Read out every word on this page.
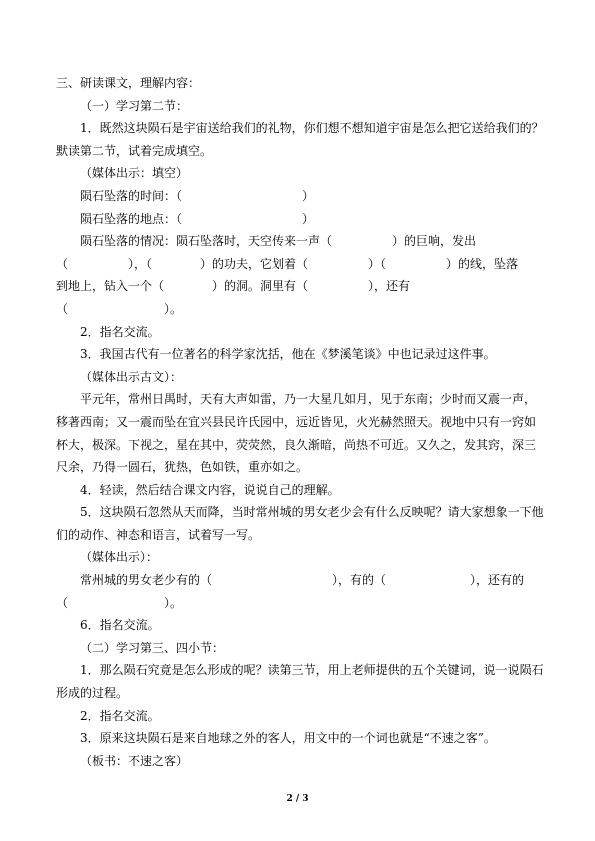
三、研读课文，理解内容：

（一）学习第二节：

1．既然这块陨石是宇宙送给我们的礼物，你们想不想知道宇宙是怎么把它送给我们的？

默读第二节，试着完成填空。

（媒体出示：填空）

陨石坠落的时间：（　　　　　　　　　　）

陨石坠落的地点：（　　　　　　　　　　）

陨石坠落的情况：陨石坠落时，天空传来一声（　　　　　）的巨响，发出

（　　　　　），（　　　　）的功夫，它划着（　　　　　）（　　　　　）的线，坠落

到地上，钻入一个（　　　　）的洞。洞里有（　　　　　），还有

（　　　　　　　　）。

2．指名交流。

3．我国古代有一位著名的科学家沈括，他在《梦溪笔谈》中也记录过这件事。

（媒体出示古文）：

平元年，常州日禺时，天有大声如雷，乃一大星几如月，见于东南；少时而又震一声，

移著西南；又一震而坠在宜兴县民许氏园中，远近皆见，火光赫然照天。视地中只有一窍如

杯大，极深。下视之，星在其中，荧荧然，良久渐暗，尚热不可近。又久之，发其窍，深三

尺余，乃得一圆石，犹热，色如铁，重亦如之。

4．轻读，然后结合课文内容，说说自己的理解。

5．这块陨石忽然从天而降，当时常州城的男女老少会有什么反映呢？请大家想象一下他

们的动作、神态和语言，试着写一写。

（媒体出示）：

常州城的男女老少有的（　　　　　　　　　　），有的（　　　　　　　），还有的

（　　　　　　　　）。

6．指名交流。

（二）学习第三、四小节：

1．那么陨石究竟是怎么形成的呢？读第三节，用上老师提供的五个关键词，说一说陨石

形成的过程。

2．指名交流。

3．原来这块陨石是来自地球之外的客人，用文中的一个词也就是“不速之客”。

（板书：不速之客）

2 / 3
